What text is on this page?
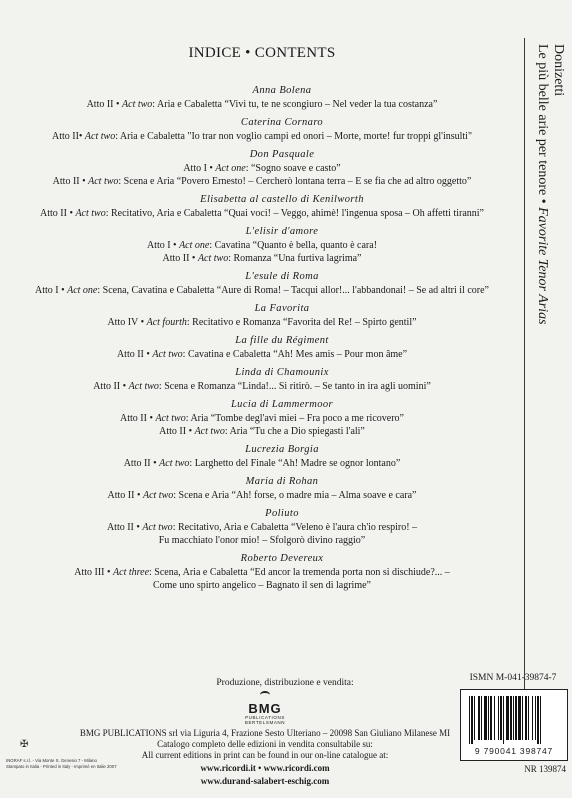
Donizetti
Le più belle arie per tenore • Favorite Tenor Arias
INDICE • CONTENTS
Anna Bolena
Atto II • Act two: Aria e Cabaletta “Vivi tu, te ne scongiuro – Nel veder la tua costanza”
Caterina Cornaro
Atto II• Act two: Aria e Cabaletta "Io trar non voglio campi ed onori – Morte, morte! fur troppi gl'insulti"
Don Pasquale
Atto I • Act one: “Sogno soave e casto”
Atto II • Act two: Scena e Aria “Povero Ernesto! – Cercherò lontana terra – E se fia che ad altro oggetto”
Elisabetta al castello di Kenilworth
Atto II • Act two: Recitativo, Aria e Cabaletta “Quai voci! – Veggo, ahimè! l'ingenua sposa – Oh affetti tiranni”
L'elisir d'amore
Atto I • Act one: Cavatina “Quanto è bella, quanto è cara!
Atto II • Act two: Romanza “Una furtiva lagrima”
L'esule di Roma
Atto I • Act one: Scena, Cavatina e Cabaletta “Aure di Roma! – Tacqui allor!... l'abbandonai! – Se ad altri il core”
La Favorita
Atto IV • Act fourth: Recitativo e Romanza “Favorita del Re! – Spirto gentil”
La fille du Régiment
Atto II • Act two: Cavatina e Cabaletta “Ah! Mes amis – Pour mon âme”
Linda di Chamounix
Atto II • Act two: Scena e Romanza “Linda!... Si ritirò. – Se tanto in ira agli uomini”
Lucia di Lammermoor
Atto II • Act two: Aria “Tombe degl'avi miei – Fra poco a me ricovero”
Atto II • Act two: Aria “Tu che a Dio spiegasti l'ali”
Lucrezia Borgia
Atto II • Act two: Larghetto del Finale “Ah! Madre se ognor lontano”
Maria di Rohan
Atto II • Act two: Scena e Aria “Ah! forse, o madre mia – Alma soave e cara”
Poliuto
Atto II • Act two: Recitativo, Aria e Cabaletta “Veleno è l'aura ch'io respiro! –
Fu macchiato l'onor mio! – Sfolgorò divino raggio”
Roberto Devereux
Atto III • Act three: Scena, Aria e Cabaletta “Ed ancor la tremenda porta non si dischiude?... –
Come uno spirto angelico – Bagnato il sen di lagrime”
Produzione, distribuzione e vendita:
BMG
PUBLICATIONS
BERTELSMANN
BMG PUBLICATIONS srl via Liguria 4, Frazione Sesto Ulteriano – 20098 San Giuliano Milanese MI
Catalogo completo delle edizioni in vendita consultabile su:
All current editions in print can be found in our on-line catalogue at:
www.ricordi.it • www.ricordi.com
www.durand-salabert-eschig.com
✠
INGRAF s.r.l. - Via Monte S. Genesio 7 - Milano
Stampato in Italia - Printed in Italy - Imprimé en Italie 2007
ISMN M-041-39874-7
9 790041 398747
NR 139874
